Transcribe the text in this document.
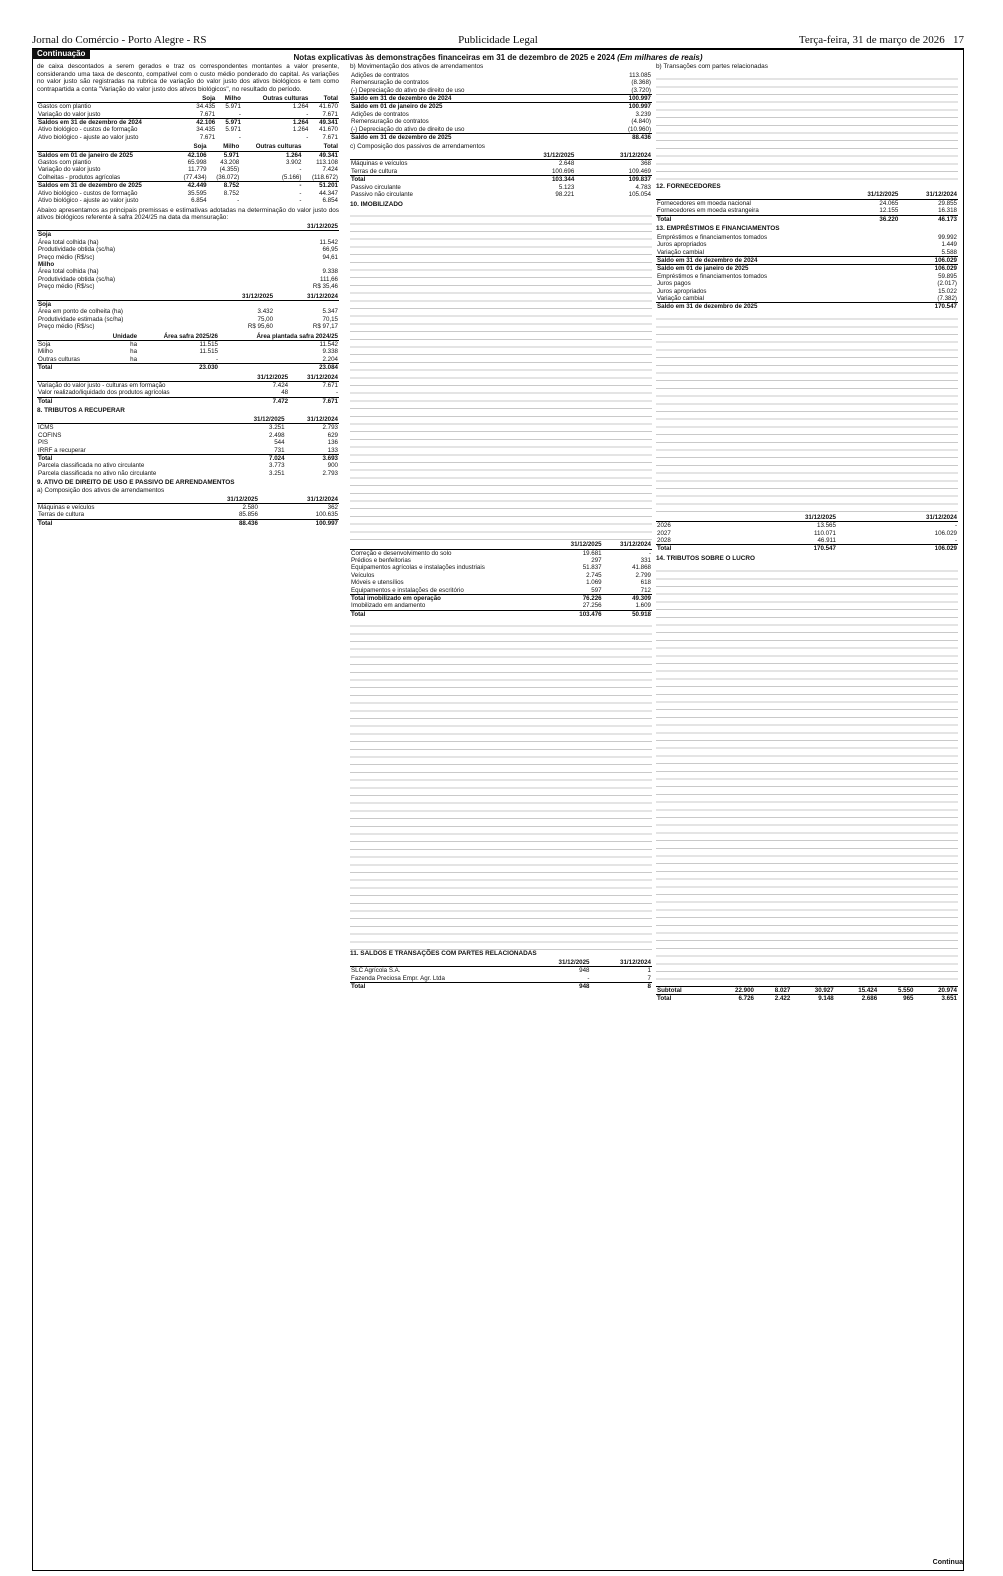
Jornal do Comércio - Porto Alegre - RS	Publicidade Legal	Terça-feira, 31 de março de 2026 17
Continuação	Notas explicativas às demonstrações financeiras em 31 de dezembro de 2025 e 2024 (Em milhares de reais)

de caixa descontados a serem gerados e traz os correspondentes montantes a valor presente, considerando uma taxa de desconto, compatível com o custo médio ponderado do capital. As variações no valor justo são registradas na rubrica de variação do valor justo dos ativos biológicos e tem como contrapartida a conta "Variação do valor justo dos ativos biológicos", no resultado do período.

	Soja	Milho	Outras culturas	Total
Gastos com plantio	34.435	5.971	1.264	41.670
Variação do valor justo	7.671	-	-	7.671
Saldos em 31 de dezembro de 2024	42.106	5.971	1.264	49.341
Ativo biológico - custos de formação	34.435	5.971	1.264	41.670
Ativo biológico - ajuste ao valor justo	7.671	-	-	7.671
	Soja	Milho	Outras culturas	Total
Saldos em 01 de janeiro de 2025	42.106	5.971	1.264	49.341
Gastos com plantio	65.998	43.208	3.902	113.108
Variação do valor justo	11.779	(4.355)	-	7.424
Colheitas - produtos agrícolas	(77.434)	(36.072)	(5.166)	(118.672)
Saldos em 31 de dezembro de 2025	42.449	8.752	-	51.201
Ativo biológico - custos de formação	35.595	8.752	-	44.347
Ativo biológico - ajuste ao valor justo	6.854	-	-	6.854

Abaixo apresentamos as principais premissas e estimativas adotadas na determinação do valor justo dos ativos biológicos referente à safra 2024/25 na data da mensuração:

	31/12/2025
Soja	
Área total colhida (ha)	11.542
Produtividade obtida (sc/ha)	66,95
Preço médio (R$/sc)	94,61
Milho	
Área total colhida (ha)	9.338
Produtividade obtida (sc/ha)	111,66
Preço médio (R$/sc)	R$ 35,46
	31/12/2025	31/12/2024
Soja		
Área em ponto de colheita (ha)	3.432	5.347
Produtividade estimada (sc/ha)	75,00	70,15
Preço médio (R$/sc)	R$ 95,60	R$ 97,17
	Unidade	Área safra 2025/26	Área plantada safra 2024/25
Soja	ha	11.515	11.542
Milho	ha	11.515	9.338
Outras culturas	ha	-	2.204
Total		23.030	23.084
	31/12/2025	31/12/2024
Variação do valor justo - culturas em formação	7.424	7.671
Valor realizado/liquidado dos produtos agrícolas	48	-
Total	7.472	7.671

8. TRIBUTOS A RECUPERAR

	31/12/2025	31/12/2024
ICMS	3.251	2.793
COFINS	2.498	629
PIS	544	136
IRRF a recuperar	731	133
Total	7.024	3.693
Parcela classificada no ativo circulante	3.773	900
Parcela classificada no ativo não circulante	3.251	2.793

9. ATIVO DE DIREITO DE USO E PASSIVO DE ARRENDAMENTOS

a) Composição dos ativos de arrendamentos

	31/12/2025	31/12/2024
Máquinas e veículos	2.580	362
Terras de cultura	85.856	100.635
Total	88.436	100.997

b) Movimentação dos ativos de arrendamentos

Adições de contratos	113.085
Remensuração de contratos	(8.368)
(-) Depreciação do ativo de direito de uso	(3.720)
Saldo em 31 de dezembro de 2024	100.997
Saldo em 01 de janeiro de 2025	100.997
Adições de contratos	3.239
Remensuração de contratos	(4.840)
(-) Depreciação do ativo de direito de uso	(10.960)
Saldo em 31 de dezembro de 2025	88.436

c) Composição dos passivos de arrendamentos

	31/12/2025	31/12/2024
Máquinas e veículos	2.648	368
Terras de cultura	100.696	109.469
Total	103.344	109.837
Passivo circulante	5.123	4.783
Passivo não circulante	98.221	105.054

10. IMOBILIZADO

	31/12/2025	31/12/2024
Correção e desenvolvimento do solo	19.681	-
Prédios e benfeitorias	297	331
Equipamentos agrícolas e instalações industriais	51.837	41.868
Veículos	2.745	2.799
Móveis e utensílios	1.069	618
Equipamentos e instalações de escritório	597	712
Total imobilizado em operação	76.226	49.309
Imobilizado em andamento	27.256	1.609
Total	103.476	50.918

11. SALDOS E TRANSAÇÕES COM PARTES RELACIONADAS

	31/12/2025	31/12/2024
SLC Agrícola S.A.	948	1
Fazenda Preciosa Empr. Agr. Ltda	-	7
Total	948	8

b) Transações com partes relacionadas

12. FORNECEDORES

	31/12/2025	31/12/2024
Fornecedores em moeda nacional	24.065	29.855
Fornecedores em moeda estrangeira	12.155	16.318
Total	36.220	46.173

13. EMPRÉSTIMOS E FINANCIAMENTOS

Empréstimos e financiamentos tomados	99.992
Juros apropriados	1.449
Variação cambial	5.588
Saldo em 31 de dezembro de 2024	106.029
Saldo em 01 de janeiro de 2025	106.029
Empréstimos e financiamentos tomados	59.895
Juros pagos	(2.017)
Juros apropriados	15.022
Variação cambial	(7.382)
Saldo em 31 de dezembro de 2025	170.547
	31/12/2025	31/12/2024
2026	13.565	-
2027	110.071	106.029
2028	46.911	-
Total	170.547	106.029

14. TRIBUTOS SOBRE O LUCRO

Subtotal	22.900	8.027	30.927	15.424	5.550	20.974
Total	6.726	2.422	9.148	2.686	965	3.651
Continua
